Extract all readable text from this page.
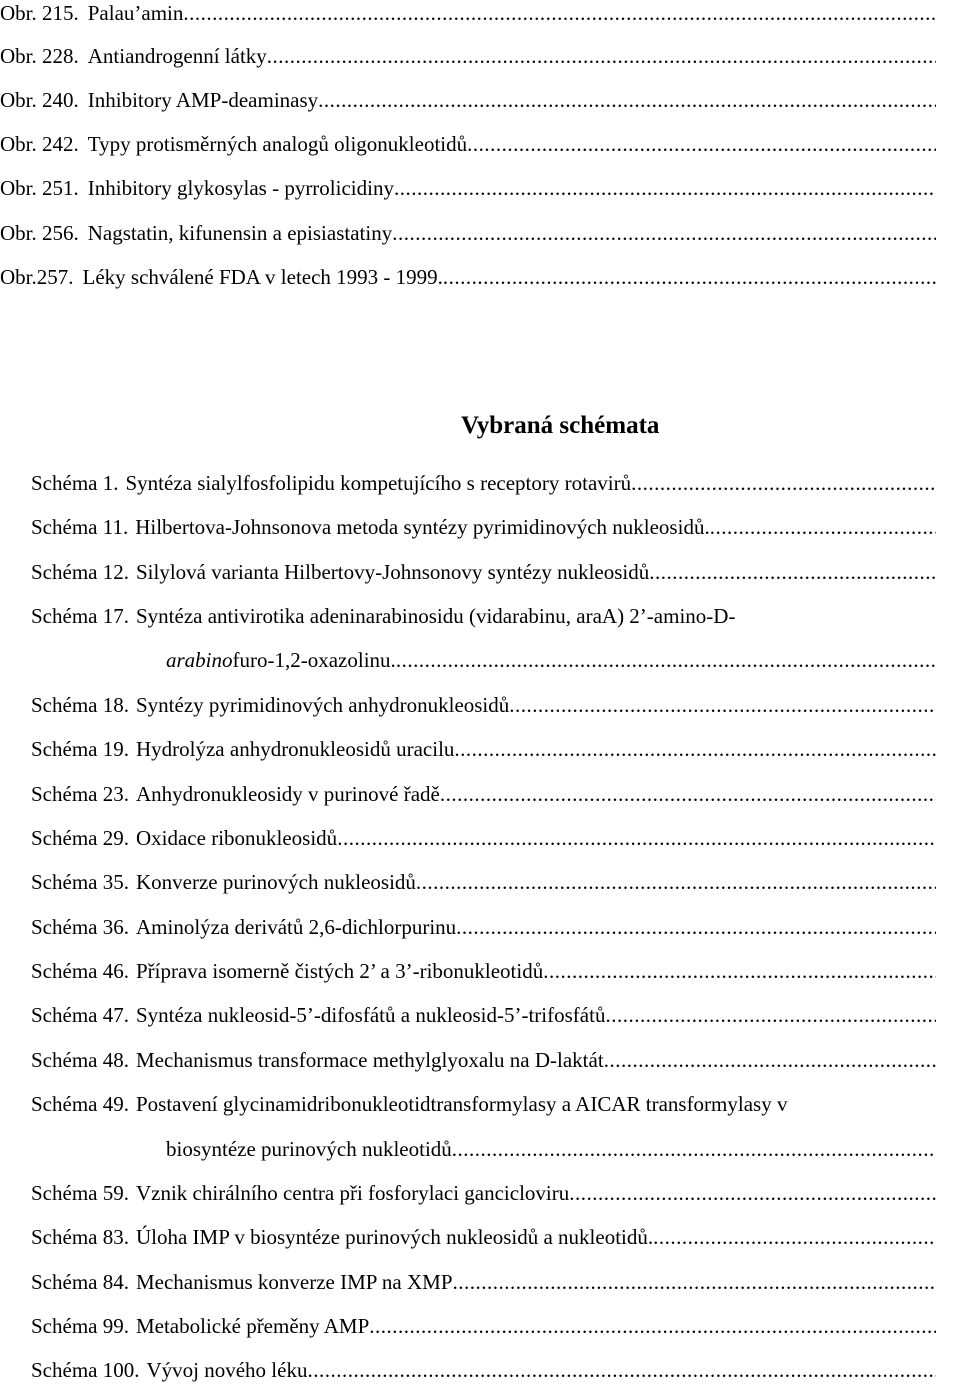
Obr. 215. Palau’amin
.....
Obr. 228. Antiandrogenní látky
.....
Obr. 240. Inhibitory AMP-deaminasy
.....
Obr. 242. Typy protisměrných analogů oligonukleotidů
.....
Obr. 251. Inhibitory glykosylas - pyrrolicidiny
.....
Obr. 256. Nagstatin, kifunensin a episiastatiny
.....
Obr.257. Léky schválené FDA v letech 1993 - 1999.
.....
Vybraná schémata
Schéma 1. Syntéza sialylfosfolipidu kompetujícího s receptory rotavirů
.....
Schéma 11. Hilbertova-Johnsonova metoda syntézy pyrimidinových nukleosidů.
.....
Schéma 12. Silylová varianta Hilbertovy-Johnsonovy syntézy nukleosidů
.....
Schéma 17. Syntéza antivirotika adeninarabinosidu (vidarabinu, araA) 2’-amino-D-
arabino furo-1,2-oxazolinu.
.....
Schéma 18. Syntézy pyrimidinových anhydronukleosidů
.....
Schéma 19. Hydrolýza anhydronukleosidů uracilu
.....
Schéma 23. Anhydronukleosidy v purinové řadě
.....
Schéma 29. Oxidace ribonukleosidů
.....
Schéma 35. Konverze purinových nukleosidů
.....
Schéma 36. Aminolýza derivátů 2,6-dichlorpurinu
.....
Schéma 46. Příprava isomerně čistých 2’ a 3’-ribonukleotidů
.....
Schéma 47. Syntéza nukleosid-5’-difosfátů a nukleosid-5’-trifosfátů
.....
Schéma 48. Mechanismus transformace methylglyoxalu na D-laktát
.....
Schéma 49. Postavení glycinamidribonukleotidtransformylasy a AICAR transformylasy v
biosyntéze purinových nukleotidů
.....
Schéma 59. Vznik chirálního centra při fosforylaci gancicloviru
.....
Schéma 83. Úloha IMP v biosyntéze purinových nukleosidů a nukleotidů.
.....
Schéma 84. Mechanismus konverze IMP na XMP
.....
Schéma 99. Metabolické přeměny AMP
.....
Schéma 100. Vývoj nového léku
.....
